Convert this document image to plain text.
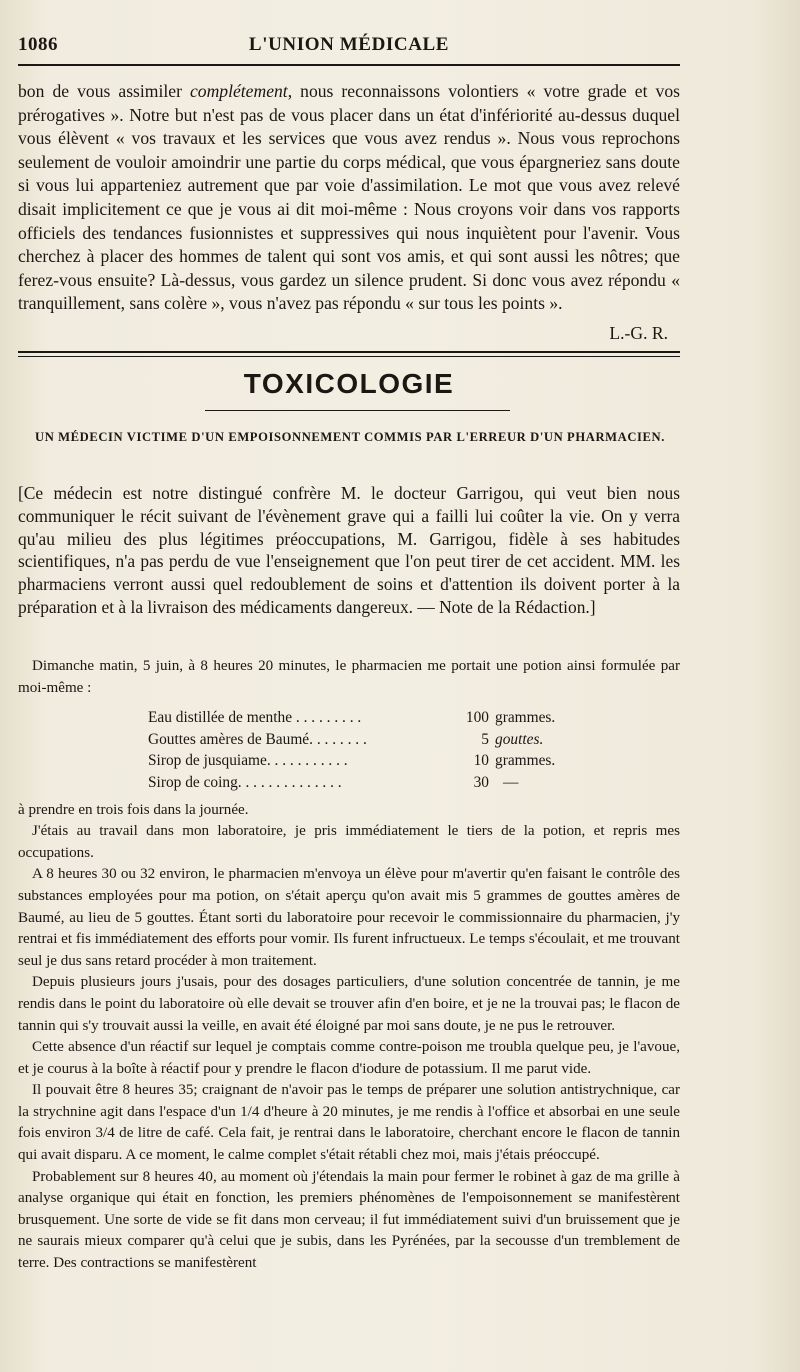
1086	L'UNION MÉDICALE

bon de vous assimiler complétement, nous reconnaissons volontiers « votre grade et vos prérogatives ». Notre but n'est pas de vous placer dans un état d'infériorité au-dessus duquel vous élèvent « vos travaux et les services que vous avez rendus ». Nous vous reprochons seulement de vouloir amoindrir une partie du corps médical, que vous épargneriez sans doute si vous lui apparteniez autrement que par voie d'assimilation. Le mot que vous avez relevé disait implicitement ce que je vous ai dit moi-même : Nous croyons voir dans vos rapports officiels des tendances fusionnistes et suppressives qui nous inquiètent pour l'avenir. Vous cherchez à placer des hommes de talent qui sont vos amis, et qui sont aussi les nôtres; que ferez-vous ensuite? Là-dessus, vous gardez un silence prudent. Si donc vous avez répondu « tranquillement, sans colère », vous n'avez pas répondu « sur tous les points ».

L.-G. R.
TOXICOLOGIE
UN MÉDECIN VICTIME D'UN EMPOISONNEMENT COMMIS PAR L'ERREUR D'UN PHARMACIEN.

[Ce médecin est notre distingué confrère M. le docteur Garrigou, qui veut bien nous communiquer le récit suivant de l'évènement grave qui a failli lui coûter la vie. On y verra qu'au milieu des plus légitimes préoccupations, M. Garrigou, fidèle à ses habitudes scientifiques, n'a pas perdu de vue l'enseignement que l'on peut tirer de cet accident. MM. les pharmaciens verront aussi quel redoublement de soins et d'attention ils doivent porter à la préparation et à la livraison des médicaments dangereux. — Note de la Rédaction.]

Dimanche matin, 5 juin, à 8 heures 20 minutes, le pharmacien me portait une potion ainsi formulée par moi-même :

Eau distillée de menthe . . . . . . . . .	100 grammes.
Gouttes amères de Baumé. . . . . . . .	5 gouttes.
Sirop de jusquiame. . . . . . . . . . .	10 grammes.
Sirop de coing. . . . . . . . . . . . . .	30 —

à prendre en trois fois dans la journée.

J'étais au travail dans mon laboratoire, je pris immédiatement le tiers de la potion, et repris mes occupations.

A 8 heures 30 ou 32 environ, le pharmacien m'envoya un élève pour m'avertir qu'en faisant le contrôle des substances employées pour ma potion, on s'était aperçu qu'on avait mis 5 grammes de gouttes amères de Baumé, au lieu de 5 gouttes. Étant sorti du laboratoire pour recevoir le commissionnaire du pharmacien, j'y rentrai et fis immédiatement des efforts pour vomir. Ils furent infructueux. Le temps s'écoulait, et me trouvant seul je dus sans retard procéder à mon traitement.

Depuis plusieurs jours j'usais, pour des dosages particuliers, d'une solution concentrée de tannin, je me rendis dans le point du laboratoire où elle devait se trouver afin d'en boire, et je ne la trouvai pas; le flacon de tannin qui s'y trouvait aussi la veille, en avait été éloigné par moi sans doute, je ne pus le retrouver.

Cette absence d'un réactif sur lequel je comptais comme contre-poison me troubla quelque peu, je l'avoue, et je courus à la boîte à réactif pour y prendre le flacon d'iodure de potassium. Il me parut vide.

Il pouvait être 8 heures 35; craignant de n'avoir pas le temps de préparer une solution antistrychnique, car la strychnine agit dans l'espace d'un 1/4 d'heure à 20 minutes, je me rendis à l'office et absorbai en une seule fois environ 3/4 de litre de café. Cela fait, je rentrai dans le laboratoire, cherchant encore le flacon de tannin qui avait disparu. A ce moment, le calme complet s'était rétabli chez moi, mais j'étais préoccupé.

Probablement sur 8 heures 40, au moment où j'étendais la main pour fermer le robinet à gaz de ma grille à analyse organique qui était en fonction, les premiers phénomènes de l'empoisonnement se manifestèrent brusquement. Une sorte de vide se fit dans mon cerveau; il fut immédiatement suivi d'un bruissement que je ne saurais mieux comparer qu'à celui que je subis, dans les Pyrénées, par la secousse d'un tremblement de terre. Des contractions se manifestèrent
